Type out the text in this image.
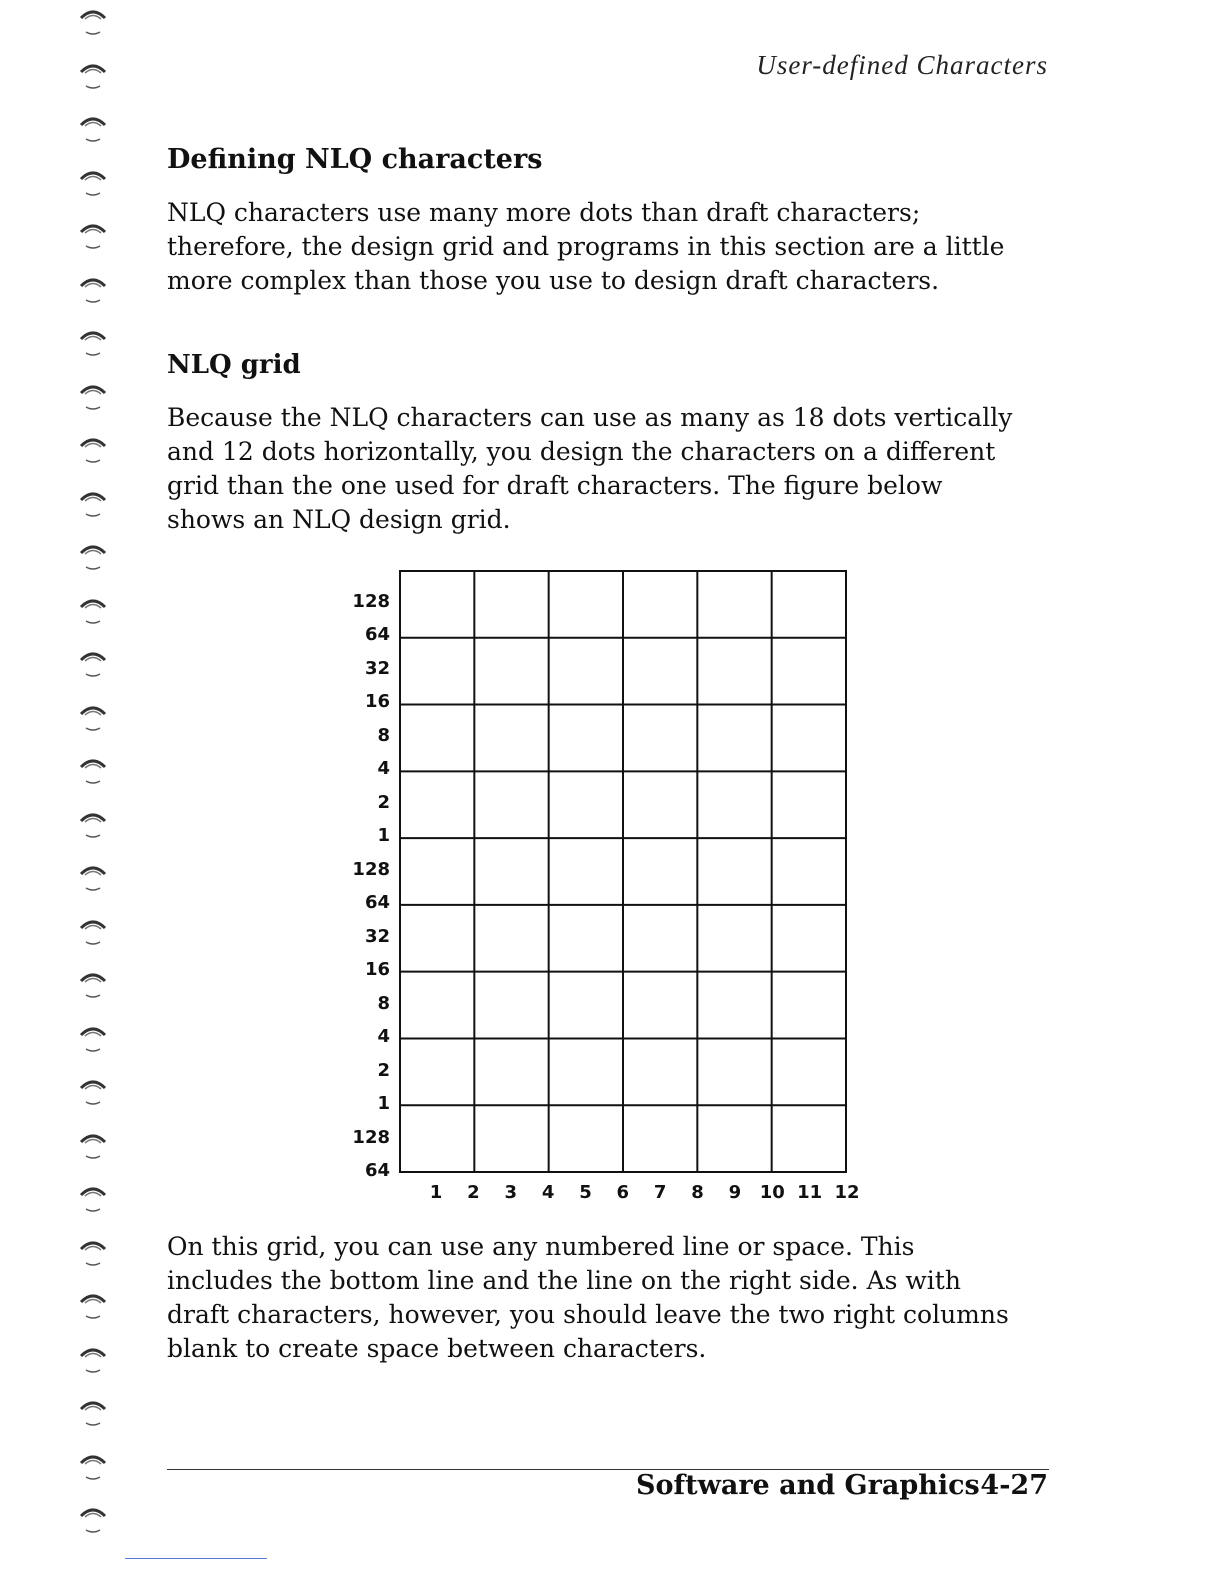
User-defined Characters
Defining NLQ characters

NLQ characters use many more dots than draft characters;
therefore, the design grid and programs in this section are a little
more complex than those you use to design draft characters.

NLQ grid

Because the NLQ characters can use as many as 18 dots vertically
and 12 dots horizontally, you design the characters on a different
grid than the one used for draft characters. The figure below
shows an NLQ design grid.

128
64
32
16
8
4
2
1
128
64
32
16
8
4
2
1
128
64
1	2	3	4	5	6	7	8	9	10 11 12

On this grid, you can use any numbered line or space. This
includes the bottom line and the line on the right side. As with
draft characters, however, you should leave the two right columns
blank to create space between characters.

Software and Graphics 4-27
